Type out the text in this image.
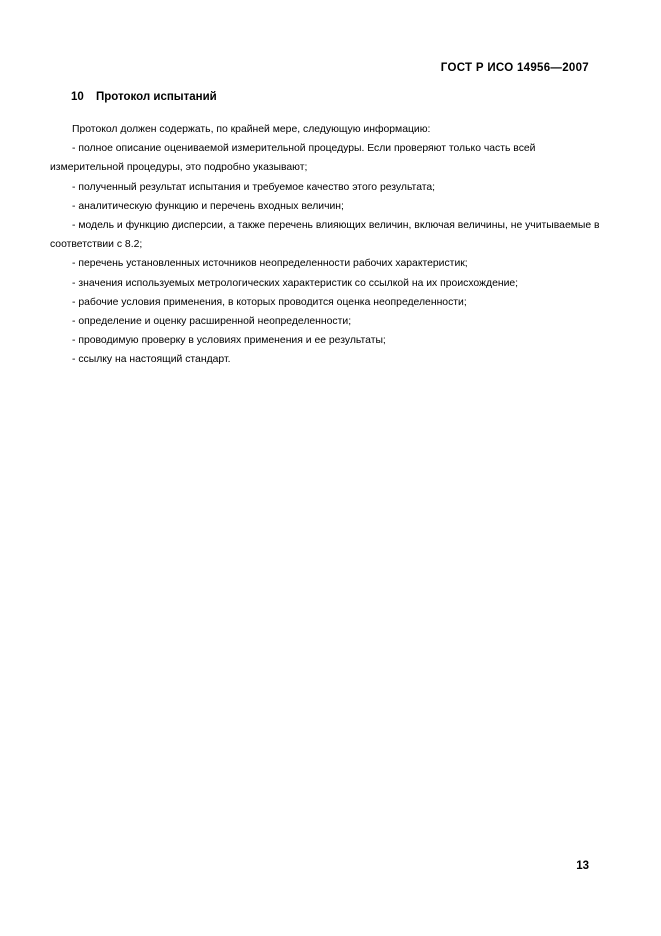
ГОСТ Р ИСО 14956—2007
10 Протокол испытаний

Протокол должен содержать, по крайней мере, следующую информацию:

- полное описание оцениваемой измерительной процедуры. Если проверяют только часть всей измерительной процедуры, это подробно указывают;

- полученный результат испытания и требуемое качество этого результата;

- аналитическую функцию и перечень входных величин;

- модель и функцию дисперсии, а также перечень влияющих величин, включая величины, не учитываемые в соответствии с 8.2;

- перечень установленных источников неопределенности рабочих характеристик;

- значения используемых метрологических характеристик со ссылкой на их происхождение;

- рабочие условия применения, в которых проводится оценка неопределенности;

- определение и оценку расширенной неопределенности;

- проводимую проверку в условиях применения и ее результаты;

- ссылку на настоящий стандарт.

13
